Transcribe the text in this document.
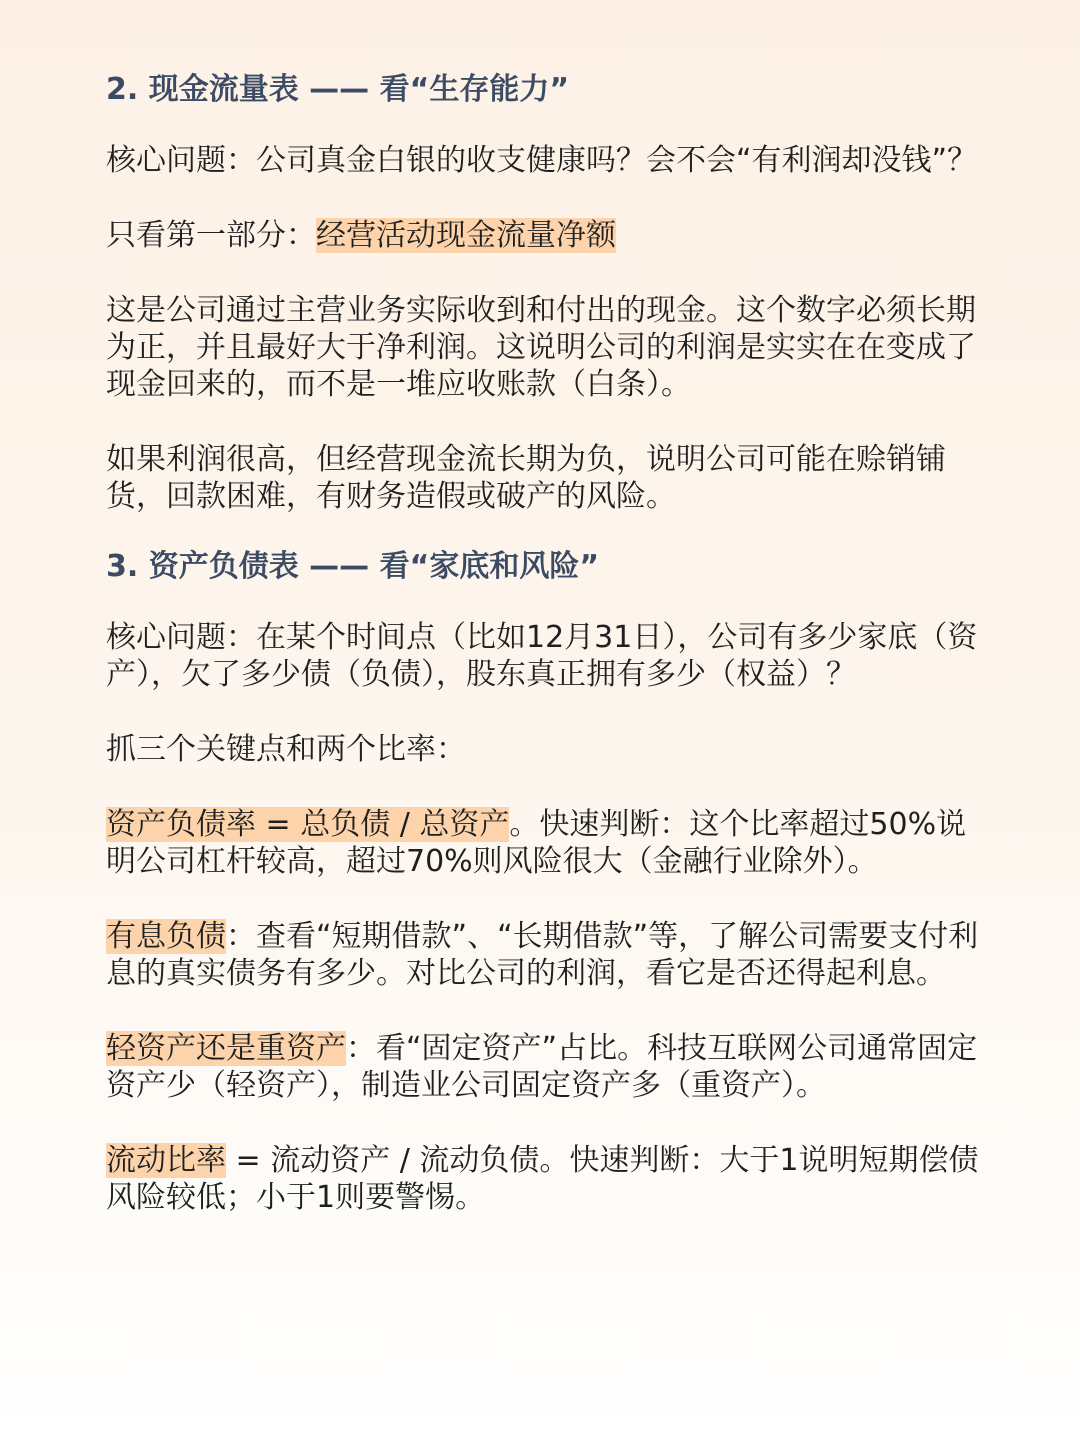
2. 现金流量表 —— 看“生存能力”

核心问题：公司真金白银的收支健康吗？会不会“有利润却没钱”？

只看第一部分：经营活动现金流量净额

这是公司通过主营业务实际收到和付出的现金。这个数字必须长期为正，并且最好大于净利润。这说明公司的利润是实实在在变成了现金回来的，而不是一堆应收账款（白条）。

如果利润很高，但经营现金流长期为负，说明公司可能在赊销铺货，回款困难，有财务造假或破产的风险。

3. 资产负债表 —— 看“家底和风险”

核心问题：在某个时间点（比如12月31日），公司有多少家底（资产），欠了多少债（负债），股东真正拥有多少（权益）？

抓三个关键点和两个比率：

资产负债率 = 总负债 / 总资产。快速判断：这个比率超过50%说明公司杠杆较高，超过70%则风险很大（金融行业除外）。

有息负债：查看“短期借款”、“长期借款”等，了解公司需要支付利息的真实债务有多少。对比公司的利润，看它是否还得起利息。

轻资产还是重资产：看“固定资产”占比。科技互联网公司通常固定资产少（轻资产），制造业公司固定资产多（重资产）。

流动比率 = 流动资产 / 流动负债。快速判断：大于1说明短期偿债风险较低；小于1则要警惕。
